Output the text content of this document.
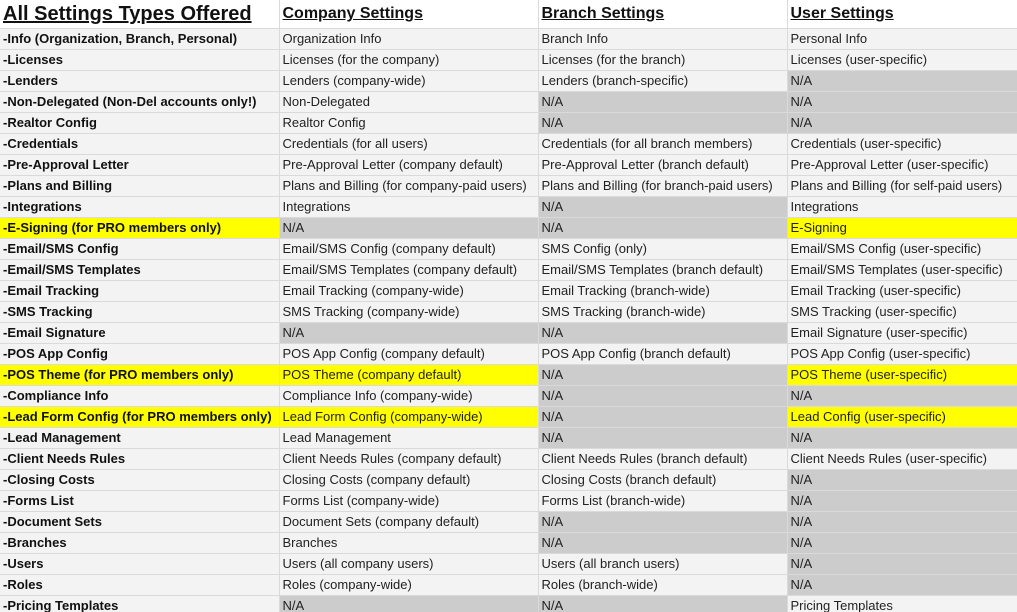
All Settings Types Offered	Company Settings	Branch Settings	User Settings
-Info (Organization, Branch, Personal)	Organization Info	Branch Info	Personal Info
-Licenses	Licenses (for the company)	Licenses (for the branch)	Licenses (user-specific)
-Lenders	Lenders (company-wide)	Lenders (branch-specific)	N/A
-Non-Delegated (Non-Del accounts only!)	Non-Delegated	N/A	N/A
-Realtor Config	Realtor Config	N/A	N/A
-Credentials	Credentials (for all users)	Credentials (for all branch members)	Credentials (user-specific)
-Pre-Approval Letter	Pre-Approval Letter (company default)	Pre-Approval Letter (branch default)	Pre-Approval Letter (user-specific)
-Plans and Billing	Plans and Billing (for company-paid users)	Plans and Billing (for branch-paid users)	Plans and Billing (for self-paid users)
-Integrations	Integrations	N/A	Integrations
-E-Signing (for PRO members only)	N/A	N/A	E-Signing
-Email/SMS Config	Email/SMS Config (company default)	SMS Config (only)	Email/SMS Config (user-specific)
-Email/SMS Templates	Email/SMS Templates (company default)	Email/SMS Templates (branch default)	Email/SMS Templates (user-specific)
-Email Tracking	Email Tracking (company-wide)	Email Tracking (branch-wide)	Email Tracking (user-specific)
-SMS Tracking	SMS Tracking (company-wide)	SMS Tracking (branch-wide)	SMS Tracking (user-specific)
-Email Signature	N/A	N/A	Email Signature (user-specific)
-POS App Config	POS App Config (company default)	POS App Config (branch default)	POS App Config (user-specific)
-POS Theme (for PRO members only)	POS Theme (company default)	N/A	POS Theme (user-specific)
-Compliance Info	Compliance Info (company-wide)	N/A	N/A
-Lead Form Config (for PRO members only)	Lead Form Config (company-wide)	N/A	Lead Config (user-specific)
-Lead Management	Lead Management	N/A	N/A
-Client Needs Rules	Client Needs Rules (company default)	Client Needs Rules (branch default)	Client Needs Rules (user-specific)
-Closing Costs	Closing Costs (company default)	Closing Costs (branch default)	N/A
-Forms List	Forms List (company-wide)	Forms List (branch-wide)	N/A
-Document Sets	Document Sets (company default)	N/A	N/A
-Branches	Branches	N/A	N/A
-Users	Users (all company users)	Users (all branch users)	N/A
-Roles	Roles (company-wide)	Roles (branch-wide)	N/A
-Pricing Templates	N/A	N/A	Pricing Templates
